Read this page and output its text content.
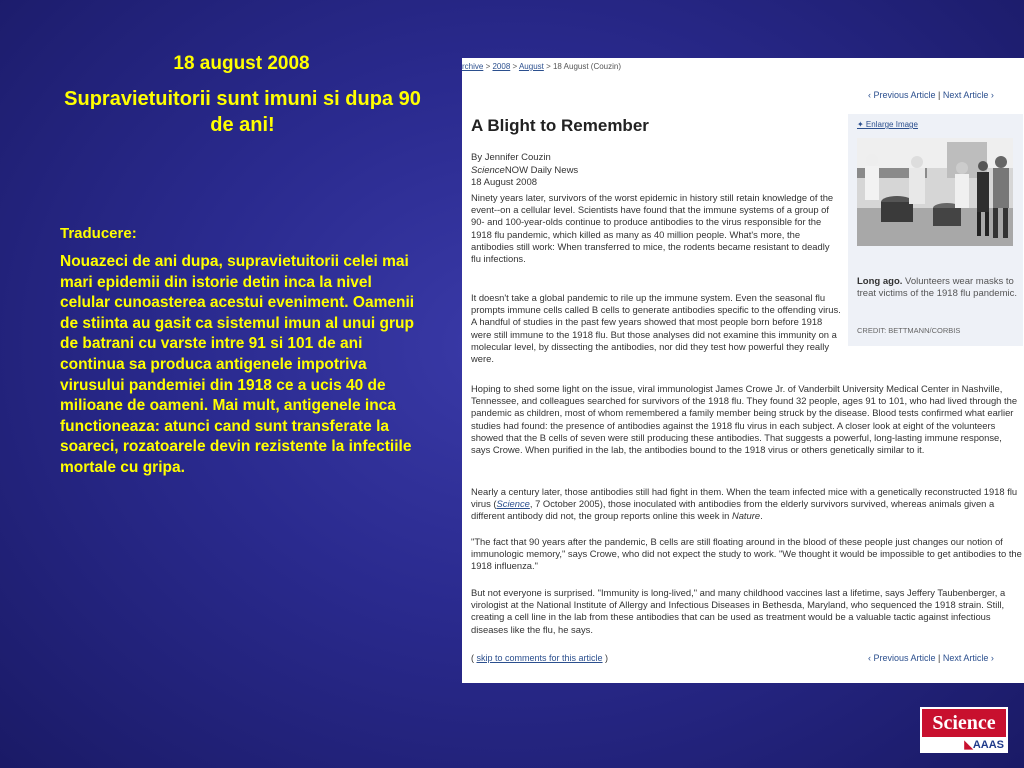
18 august 2008
Supravietuitorii sunt imuni si dupa 90 de ani!
Traducere:
Nouazeci de ani dupa, supravietuitorii celei mai mari epidemii din istorie detin inca la nivel celular cunoasterea acestui eveniment. Oamenii de stiinta au gasit ca sistemul imun al unui grup de batrani cu varste intre 91 si 101 de ani continua sa produca antigenele impotriva virusului pandemiei din 1918 ce a ucis 40 de milioane de oameni. Mai mult, antigenele inca functioneaza: atunci cand sunt transferate la soareci, rozatoarele devin rezistente la infectiile mortale cu gripa.
rchive > 2008 > August > 18 August (Couzin)
‹ Previous Article | Next Article ›
A Blight to Remember
By Jennifer Couzin
ScienceNOW Daily News
18 August 2008

Ninety years later, survivors of the worst epidemic in history still retain knowledge of the event--on a cellular level. Scientists have found that the immune systems of a group of 90- and 100-year-olds continue to produce antibodies to the virus responsible for the 1918 flu pandemic, which killed as many as 40 million people. What's more, the antibodies still work: When transferred to mice, the rodents became resistant to deadly flu infections.

It doesn't take a global pandemic to rile up the immune system. Even the seasonal flu prompts immune cells called B cells to generate antibodies specific to the offending virus. A handful of studies in the past few years showed that most people born before 1918 were still immune to the 1918 flu. But those analyses did not examine this immunity on a molecular level, by dissecting the antibodies, nor did they test how powerful they really were.

Hoping to shed some light on the issue, viral immunologist James Crowe Jr. of Vanderbilt University Medical Center in Nashville, Tennessee, and colleagues searched for survivors of the 1918 flu. They found 32 people, ages 91 to 101, who had lived through the pandemic as children, most of whom remembered a family member being struck by the disease. Blood tests confirmed what earlier studies had found: the presence of antibodies against the 1918 flu virus in each subject. A closer look at eight of the volunteers showed that the B cells of seven were still producing these antibodies. That suggests a powerful, long-lasting immune response, says Crowe. When purified in the lab, the antibodies bound to the 1918 virus or others genetically similar to it.

Nearly a century later, those antibodies still had fight in them. When the team infected mice with a genetically reconstructed 1918 flu virus (Science, 7 October 2005), those inoculated with antibodies from the elderly survivors survived, whereas animals given a different antibody did not, the group reports online this week in Nature.

"The fact that 90 years after the pandemic, B cells are still floating around in the blood of these people just changes our notion of immunologic memory," says Crowe, who did not expect the study to work. "We thought it would be impossible to get antibodies to the 1918 influenza."

But not everyone is surprised. "Immunity is long-lived," and many childhood vaccines last a lifetime, says Jeffery Taubenberger, a virologist at the National Institute of Allergy and Infectious Diseases in Bethesda, Maryland, who sequenced the 1918 strain. Still, creating a cell line in the lab from these antibodies that can be used as treatment would be a valuable tactic against infectious diseases like the flu, he says.

( skip to comments for this article )	‹ Previous Article | Next Article ›
✦ Enlarge Image
Long ago. Volunteers wear masks to treat victims of the 1918 flu pandemic.
CREDIT: BETTMANN/CORBIS
Science
◣AAAS
